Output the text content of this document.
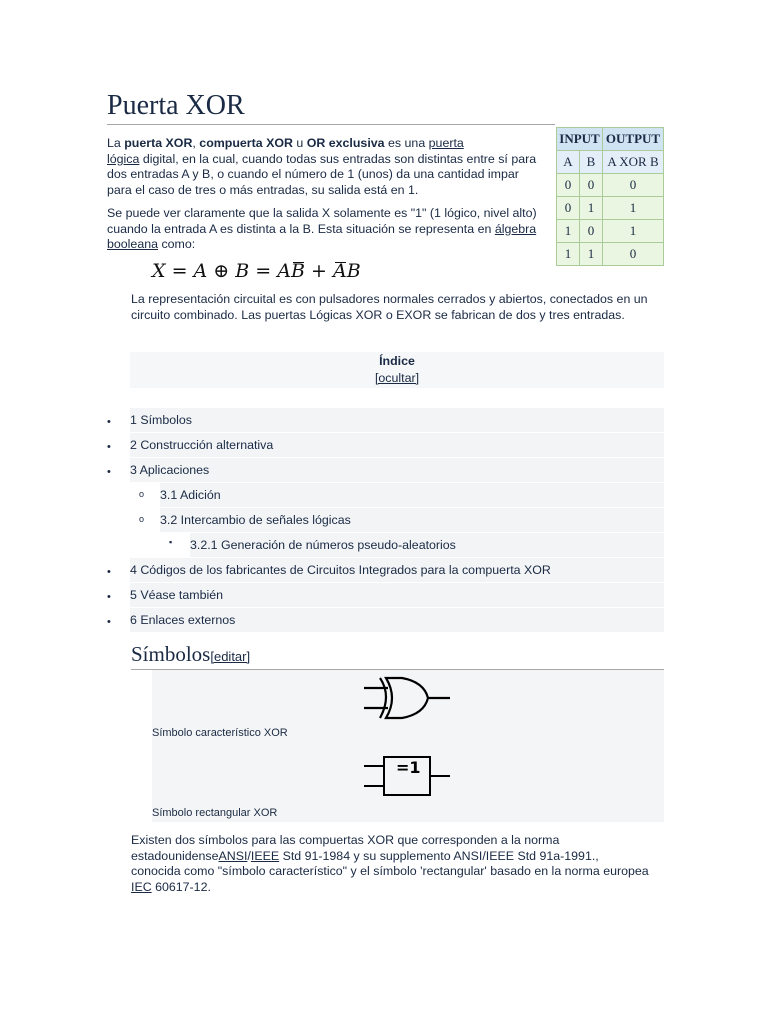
Puerta XOR
La puerta XOR, compuerta XOR u OR exclusiva es una puerta
lógica digital, en la cual, cuando todas sus entradas son distintas entre sí para dos entradas A y B, o cuando el número de 1 (unos) da una cantidad impar para el caso de tres o más entradas, su salida está en 1.
Se puede ver claramente que la salida X solamente es "1" (1 lógico, nivel alto) cuando la entrada A es distinta a la B. Esta situación se representa en álgebra booleana como:
X = A ⊕ B = AB + AB
INPUT		OUTPUT
A	B	A XOR B
0	0	0
0	1	1
1	0	1
1	1	0
La representación circuital es con pulsadores normales cerrados y abiertos, conectados en un circuito combinado. Las puertas Lógicas XOR o EXOR se fabrican de dos y tres entradas.
Índice
[ocultar]
1 Símbolos
•
2 Construcción alternativa
•
3 Aplicaciones
•
3.1 Adición
o
3.2 Intercambio de señales lógicas
o
3.2.1 Generación de números pseudo-aleatorios
▪
4 Códigos de los fabricantes de Circuitos Integrados para la compuerta XOR
•
5 Véase también
•
6 Enlaces externos
•
Símbolos[editar]
Símbolo característico XOR
=1
Símbolo rectangular XOR
Existen dos símbolos para las compuertas XOR que corresponden a la norma estadounidenseANSI/IEEE Std 91-1984 y su supplemento ANSI/IEEE Std 91a-1991., conocida como "símbolo característico" y el símbolo 'rectangular' basado en la norma europea IEC 60617-12.
